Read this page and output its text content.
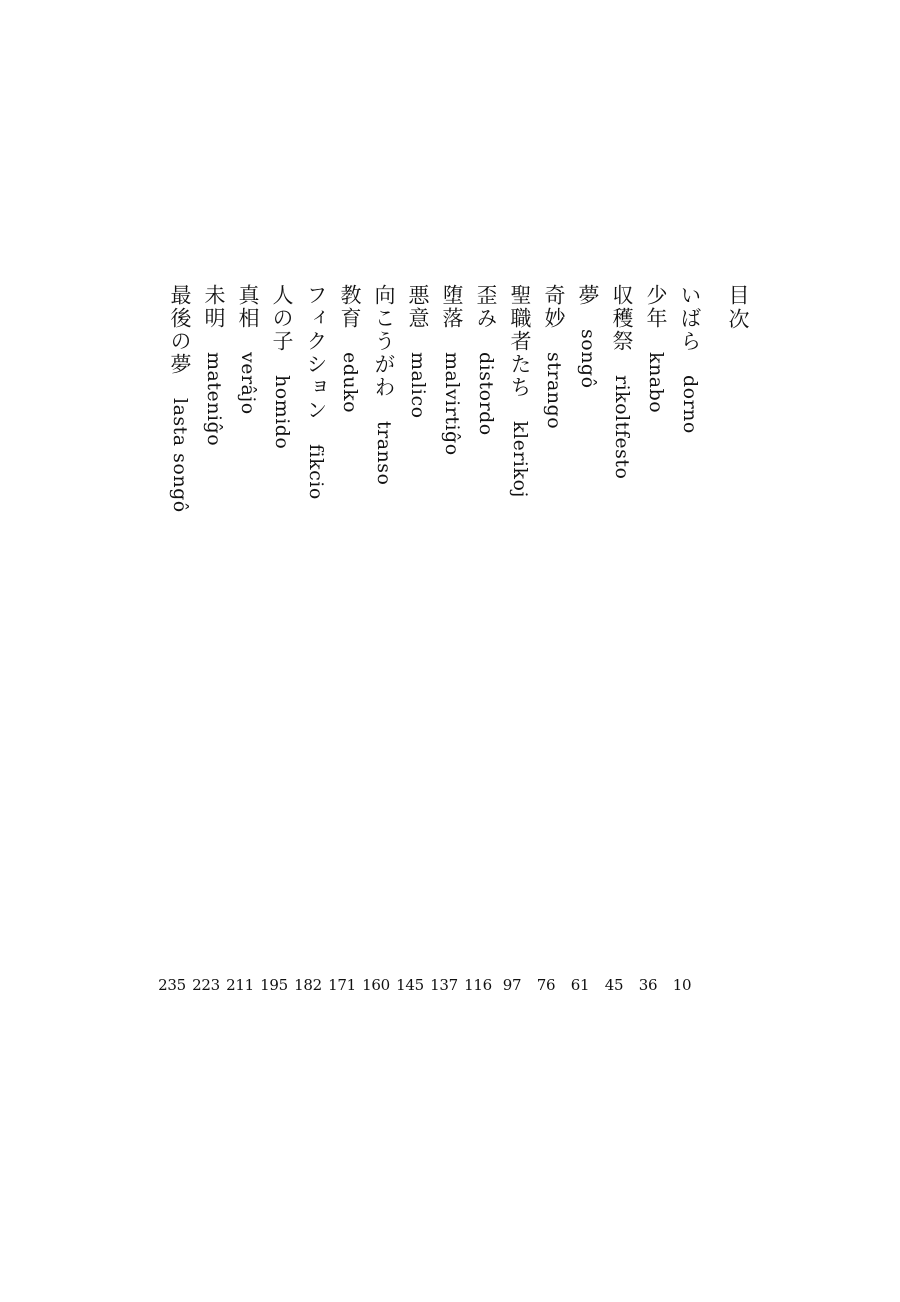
目次
いばらdorno
少年knabo
収穫祭rikoltfesto
夢songô
奇妙strango
聖職者たちklerikoj
歪みdistordo
堕落malvirtiĝo
悪意malico
向こうがわtranso
教育eduko
フィクションfikcio
人の子homido
真相verâjo
未明mateniĝo
最後の夢lasta songô
10
36
45
61
76
97
116
137
145
160
171
182
195
211
223
235
